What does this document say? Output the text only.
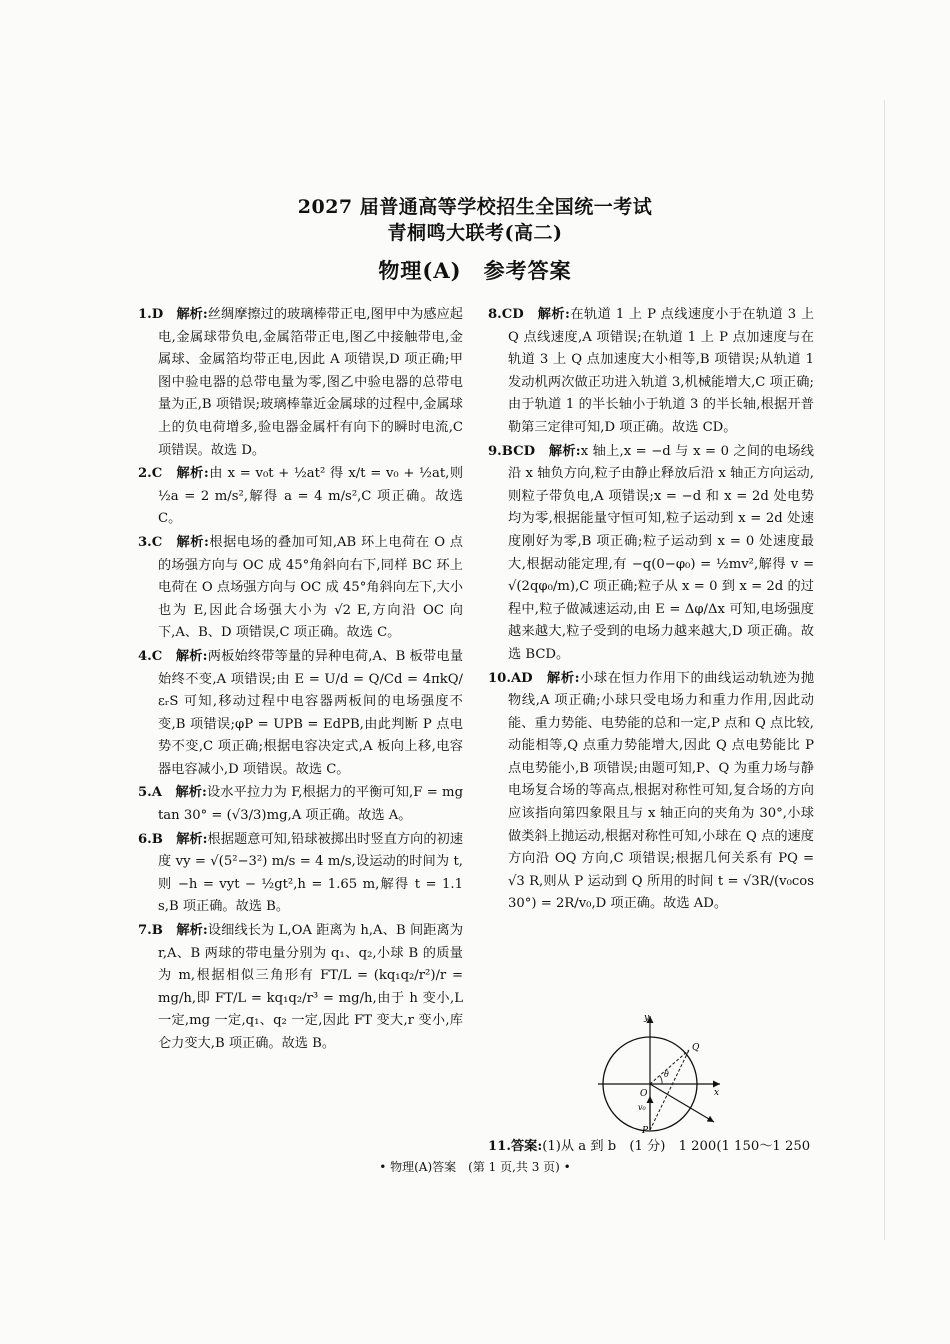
2027 届普通高等学校招生全国统一考试
青桐鸣大联考(高二)
物理(A)　参考答案

1.D　 解析:丝绸摩擦过的玻璃棒带正电,图甲中为感应起电,金属球带负电,金属箔带正电,图乙中接触带电,金属球、金属箔均带正电,因此 A 项错误,D 项正确;甲图中验电器的总带电量为零,图乙中验电器的总带电量为正,B 项错误;玻璃棒靠近金属球的过程中,金属球上的负电荷增多,验电器金属杆有向下的瞬时电流,C 项错误。故选 D。

2.C　 解析:由 x = v₀t + ½at² 得 x/t = v₀ + ½at,则 ½a = 2 m/s²,解得 a = 4 m/s²,C 项正确。故选 C。

3.C　 解析:根据电场的叠加可知,AB 环上电荷在 O 点的场强方向与 OC 成 45°角斜向右下,同样 BC 环上电荷在 O 点场强方向与 OC 成 45°角斜向左下,大小也为 E,因此合场强大小为 √2 E,方向沿 OC 向下,A、B、D 项错误,C 项正确。故选 C。

4.C　 解析:两板始终带等量的异种电荷,A、B 板带电量始终不变,A 项错误;由 E = U/d = Q/Cd = 4πkQ/εᵣS 可知,移动过程中电容器两板间的电场强度不变,B 项错误;φP = UPB = EdPB,由此判断 P 点电势不变,C 项正确;根据电容决定式,A 板向上移,电容器电容减小,D 项错误。故选 C。

5.A　 解析:设水平拉力为 F,根据力的平衡可知,F = mg tan 30° = (√3/3)mg,A 项正确。故选 A。

6.B　 解析:根据题意可知,铅球被掷出时竖直方向的初速度 vy = √(5²−3²) m/s = 4 m/s,设运动的时间为 t,则 −h = vyt − ½gt²,h = 1.65 m,解得 t = 1.1 s,B 项正确。故选 B。

7.B　 解析:设细线长为 L,OA 距离为 h,A、B 间距离为 r,A、B 两球的带电量分别为 q₁、q₂,小球 B 的质量为 m,根据相似三角形有 FT/L = (kq₁q₂/r²)/r = mg/h,即 FT/L = kq₁q₂/r³ = mg/h,由于 h 变小,L 一定,mg 一定,q₁、q₂ 一定,因此 FT 变大,r 变小,库仑力变大,B 项正确。故选 B。

8.CD　 解析:在轨道 1 上 P 点线速度小于在轨道 3 上 Q 点线速度,A 项错误;在轨道 1 上 P 点加速度与在轨道 3 上 Q 点加速度大小相等,B 项错误;从轨道 1 发动机两次做正功进入轨道 3,机械能增大,C 项正确;由于轨道 1 的半长轴小于轨道 3 的半长轴,根据开普勒第三定律可知,D 项正确。故选 CD。

9.BCD　 解析:x 轴上,x = −d 与 x = 0 之间的电场线沿 x 轴负方向,粒子由静止释放后沿 x 轴正方向运动,则粒子带负电,A 项错误;x = −d 和 x = 2d 处电势均为零,根据能量守恒可知,粒子运动到 x = 2d 处速度刚好为零,B 项正确;粒子运动到 x = 0 处速度最大,根据动能定理,有 −q(0−φ₀) = ½mv²,解得 v = √(2qφ₀/m),C 项正确;粒子从 x = 0 到 x = 2d 的过程中,粒子做减速运动,由 E = Δφ/Δx 可知,电场强度越来越大,粒子受到的电场力越来越大,D 项正确。故选 BCD。

10.AD　 解析:小球在恒力作用下的曲线运动轨迹为抛物线,A 项正确;小球只受电场力和重力作用,因此动能、重力势能、电势能的总和一定,P 点和 Q 点比较,动能相等,Q 点重力势能增大,因此 Q 点电势能比 P 点电势能小,B 项错误;由题可知,P、Q 为重力场与静电场复合场的等高点,根据对称性可知,复合场的方向应该指向第四象限且与 x 轴正向的夹角为 30°,小球做类斜上抛运动,根据对称性可知,小球在 Q 点的速度方向沿 OQ 方向,C 项错误;根据几何关系有 PQ = √3 R,则从 P 运动到 Q 所用的时间 t = √3R/(v₀cos 30°) = 2R/v₀,D 项正确。故选 AD。

y
x
O
P
Q
θ
v₀
11.答案:(1)从 a 到 b　(1 分)　1 200(1 150～1 250
• 物理(A)答案　(第 1 页,共 3 页) •
